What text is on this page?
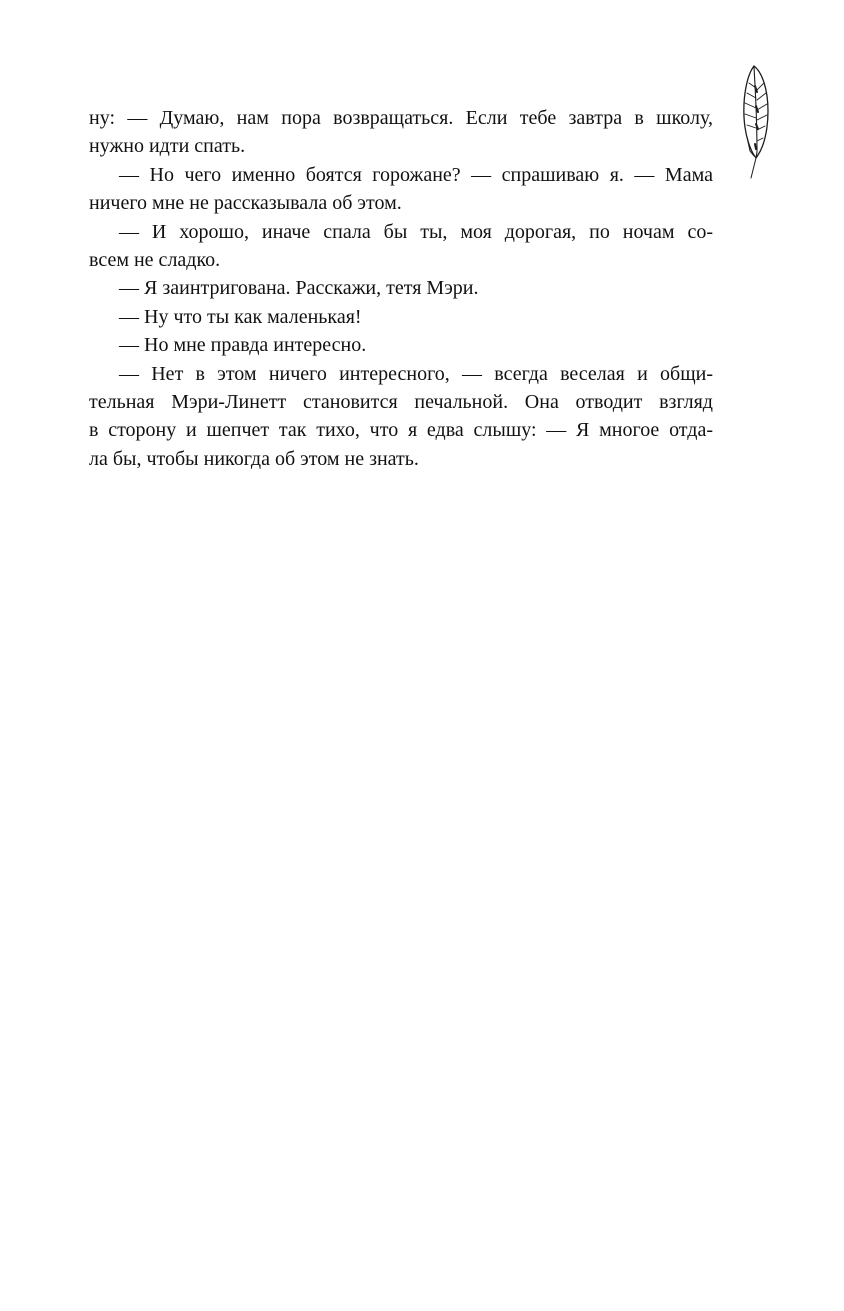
ну: — Думаю, нам пора возвращаться. Если тебе завтра в школу,
нужно идти спать.
— Но чего именно боятся горожане? — спрашиваю я. — Мама
ничего мне не рассказывала об этом.
— И хорошо, иначе спала бы ты, моя дорогая, по ночам со-
всем не сладко.
— Я заинтригована. Расскажи, тетя Мэри.
— Ну что ты как маленькая!
— Но мне правда интересно.
— Нет в этом ничего интересного, — всегда веселая и общи-
тельная Мэри-Линетт становится печальной. Она отводит взгляд
в сторону и шепчет так тихо, что я едва слышу: — Я многое отда-
ла бы, чтобы никогда об этом не знать.
